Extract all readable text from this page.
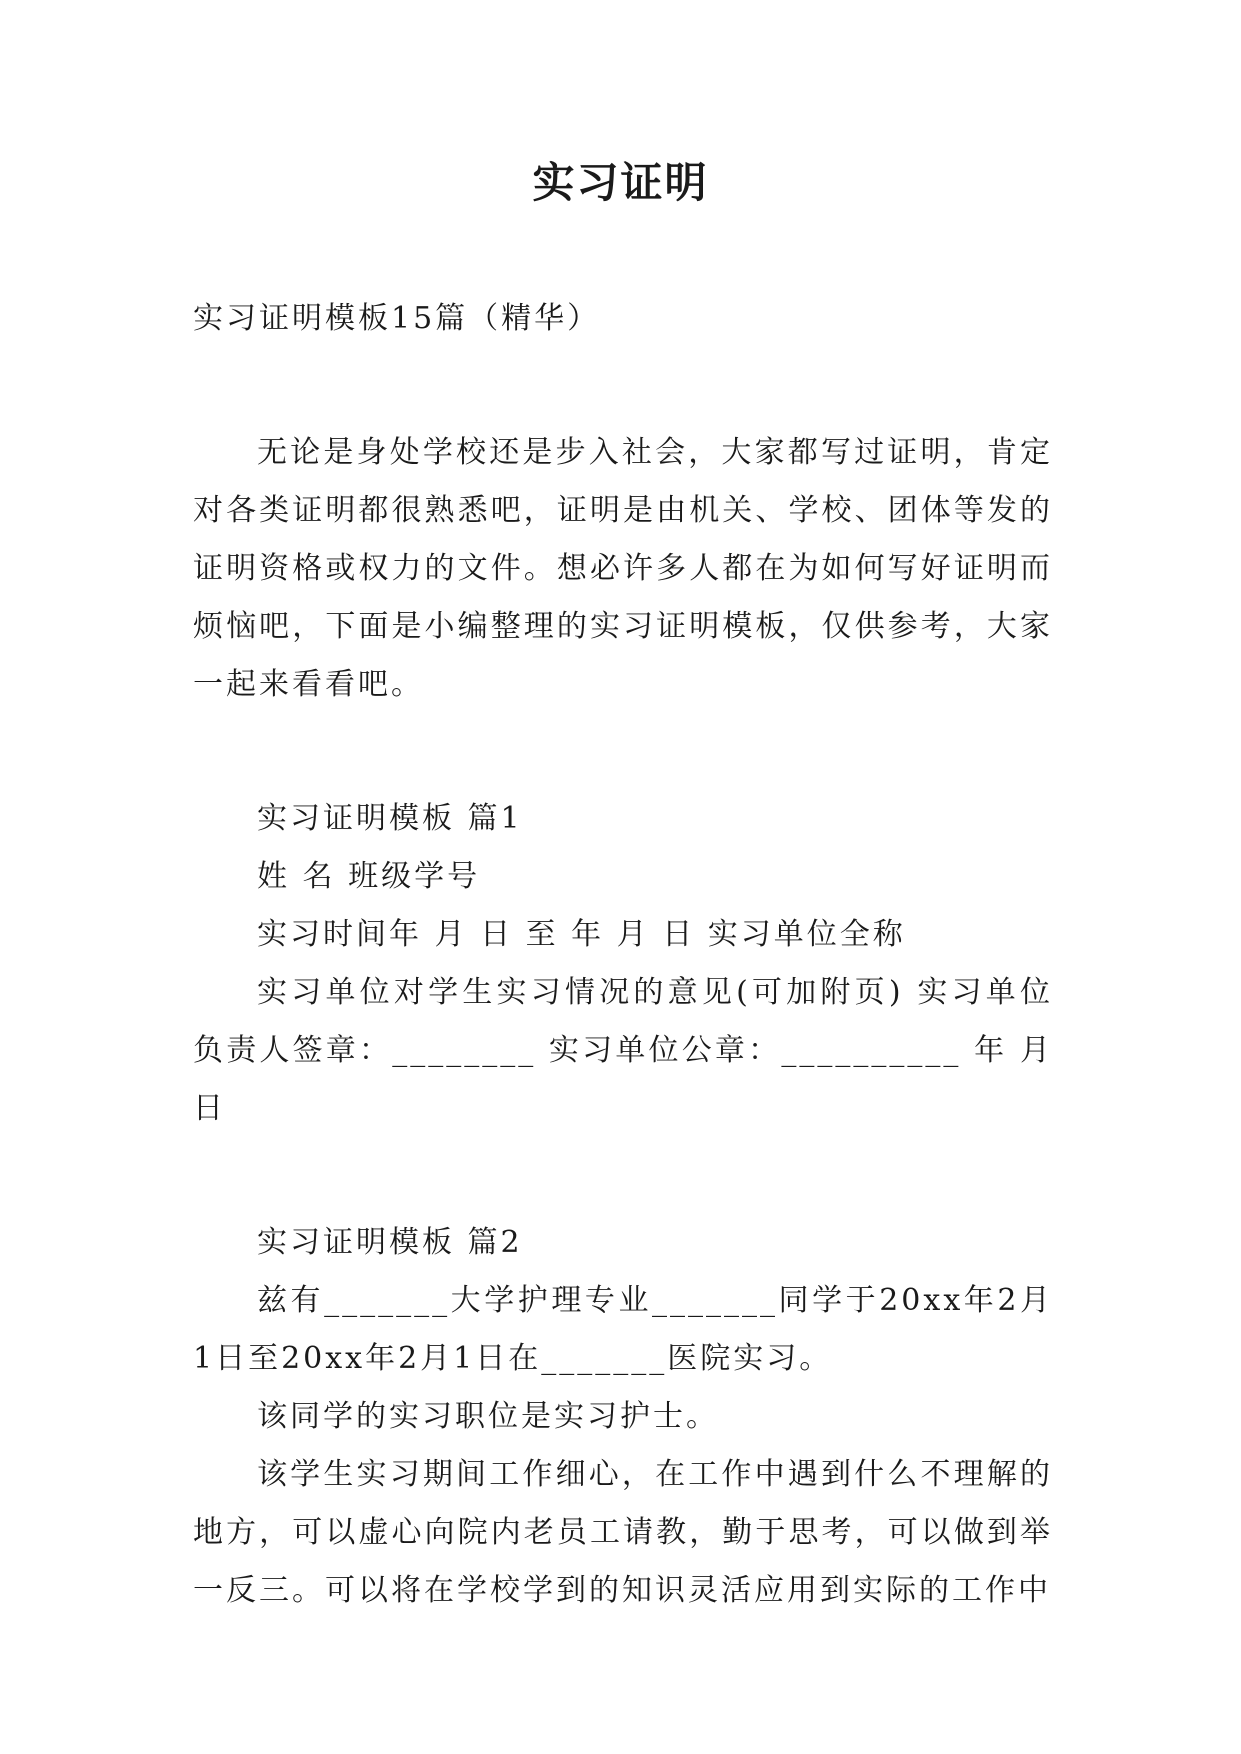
实习证明

实习证明模板15篇（精华）

无论是身处学校还是步入社会，大家都写过证明，肯定对各类证明都很熟悉吧，证明是由机关、学校、团体等发的证明资格或权力的文件。想必许多人都在为如何写好证明而烦恼吧，下面是小编整理的实习证明模板，仅供参考，大家一起来看看吧。

实习证明模板 篇1

姓 名 班级学号

实习时间年 月 日 至 年 月 日 实习单位全称

实习单位对学生实习情况的意见(可加附页) 实习单位负责人签章：________ 实习单位公章：__________ 年 月日

实习证明模板 篇2

兹有_______大学护理专业_______同学于20xx年2月1日至20xx年2月1日在_______医院实习。

该同学的实习职位是实习护士。

该学生实习期间工作细心，在工作中遇到什么不理解的地方，可以虚心向院内老员工请教，勤于思考，可以做到举一反三。可以将在学校学到的知识灵活应用到实际的工作中
